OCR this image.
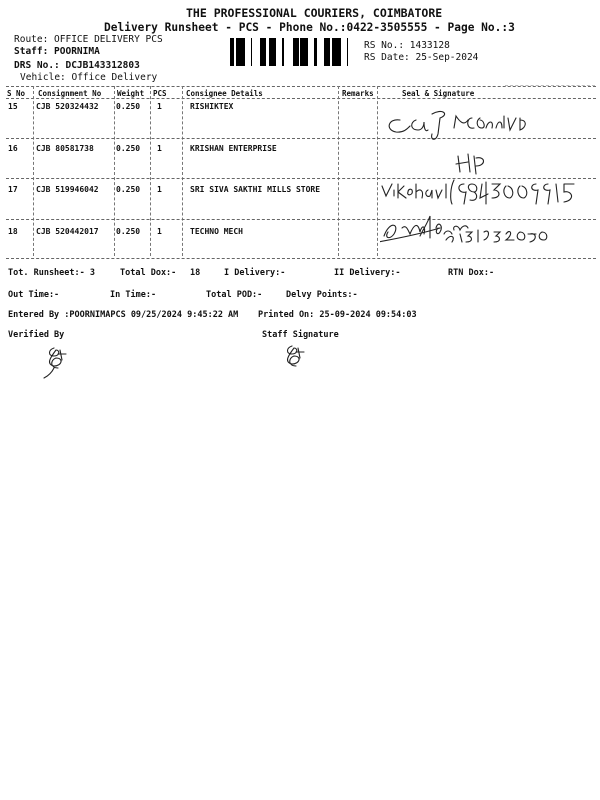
THE PROFESSIONAL COURIERS, COIMBATORE
Delivery Runsheet - PCS - Phone No.:0422-3505555 - Page No.:3
Route: OFFICE DELIVERY PCS
Staff: POORNIMA
DRS No.: DCJB143312803
Vehicle: Office Delivery
RS No.: 1433128
RS Date: 25-Sep-2024
S No Consignment No Weight PCS	Consignee Details	Remarks	Seal & Signature
15 CJB 520324432 0.250 1	RISHIKTEX
16 CJB 80581738	0.250 1	KRISHAN ENTERPRISE
17 CJB 519946042 0.250 1	SRI SIVA SAKTHI MILLS STORE
18 CJB 520442017 0.250 1	TECHNO MECH
Tot. Runsheet:- 3	Total Dox:- 18	I Delivery:-	II Delivery:-	RTN Dox:-
Out Time:-	In Time:-	Total POD:-	Delvy Points:-
Entered By :POORNIMAPCS 09/25/2024 9:45:22 AM Printed On: 25-09-2024 09:54:03
Verified By	Staff Signature
